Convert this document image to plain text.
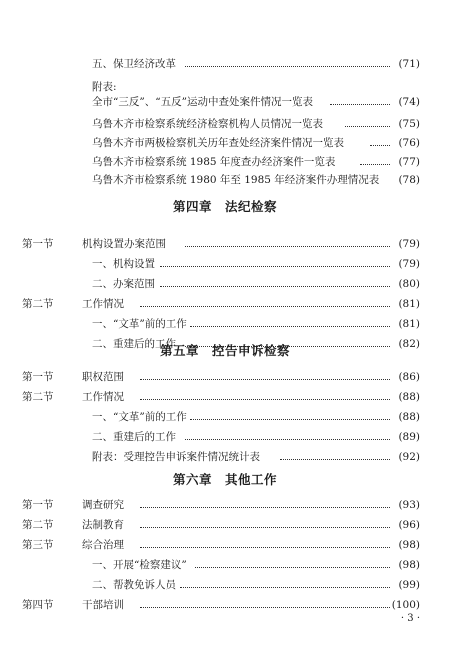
五、保卫经济改革	(71)
附表:
全市“三反”、“五反”运动中查处案件情况一览表	(74)
乌鲁木齐市检察系统经济检察机构人员情况一览表	(75)
乌鲁木齐市两极检察机关历年查处经济案件情况一览表	(76)
乌鲁木齐市检察系统 1985 年度查办经济案件一览表	(77)
乌鲁木齐市检察系统 1980 年至 1985 年经济案件办理情况表 (78)
第四章　法纪检察
第一节	机构设置办案范围	(79)
一、机构设置	(79)
二、办案范围	(80)
第二节	工作情况	(81)
一、“文革”前的工作	(81)
二、重建后的工作	(82)
第五章　控告申诉检察
第一节	职权范围	(86)
第二节	工作情况	(88)
一、“文革”前的工作	(88)
二、重建后的工作	(89)
附表：受理控告申诉案件情况统计表	(92)
第六章　其他工作
第一节	调查研究	(93)
第二节	法制教育	(96)
第三节	综合治理	(98)
一、开展“检察建议”	(98)
二、帮教免诉人员	(99)
第四节	干部培训	(100)
· 3 ·
